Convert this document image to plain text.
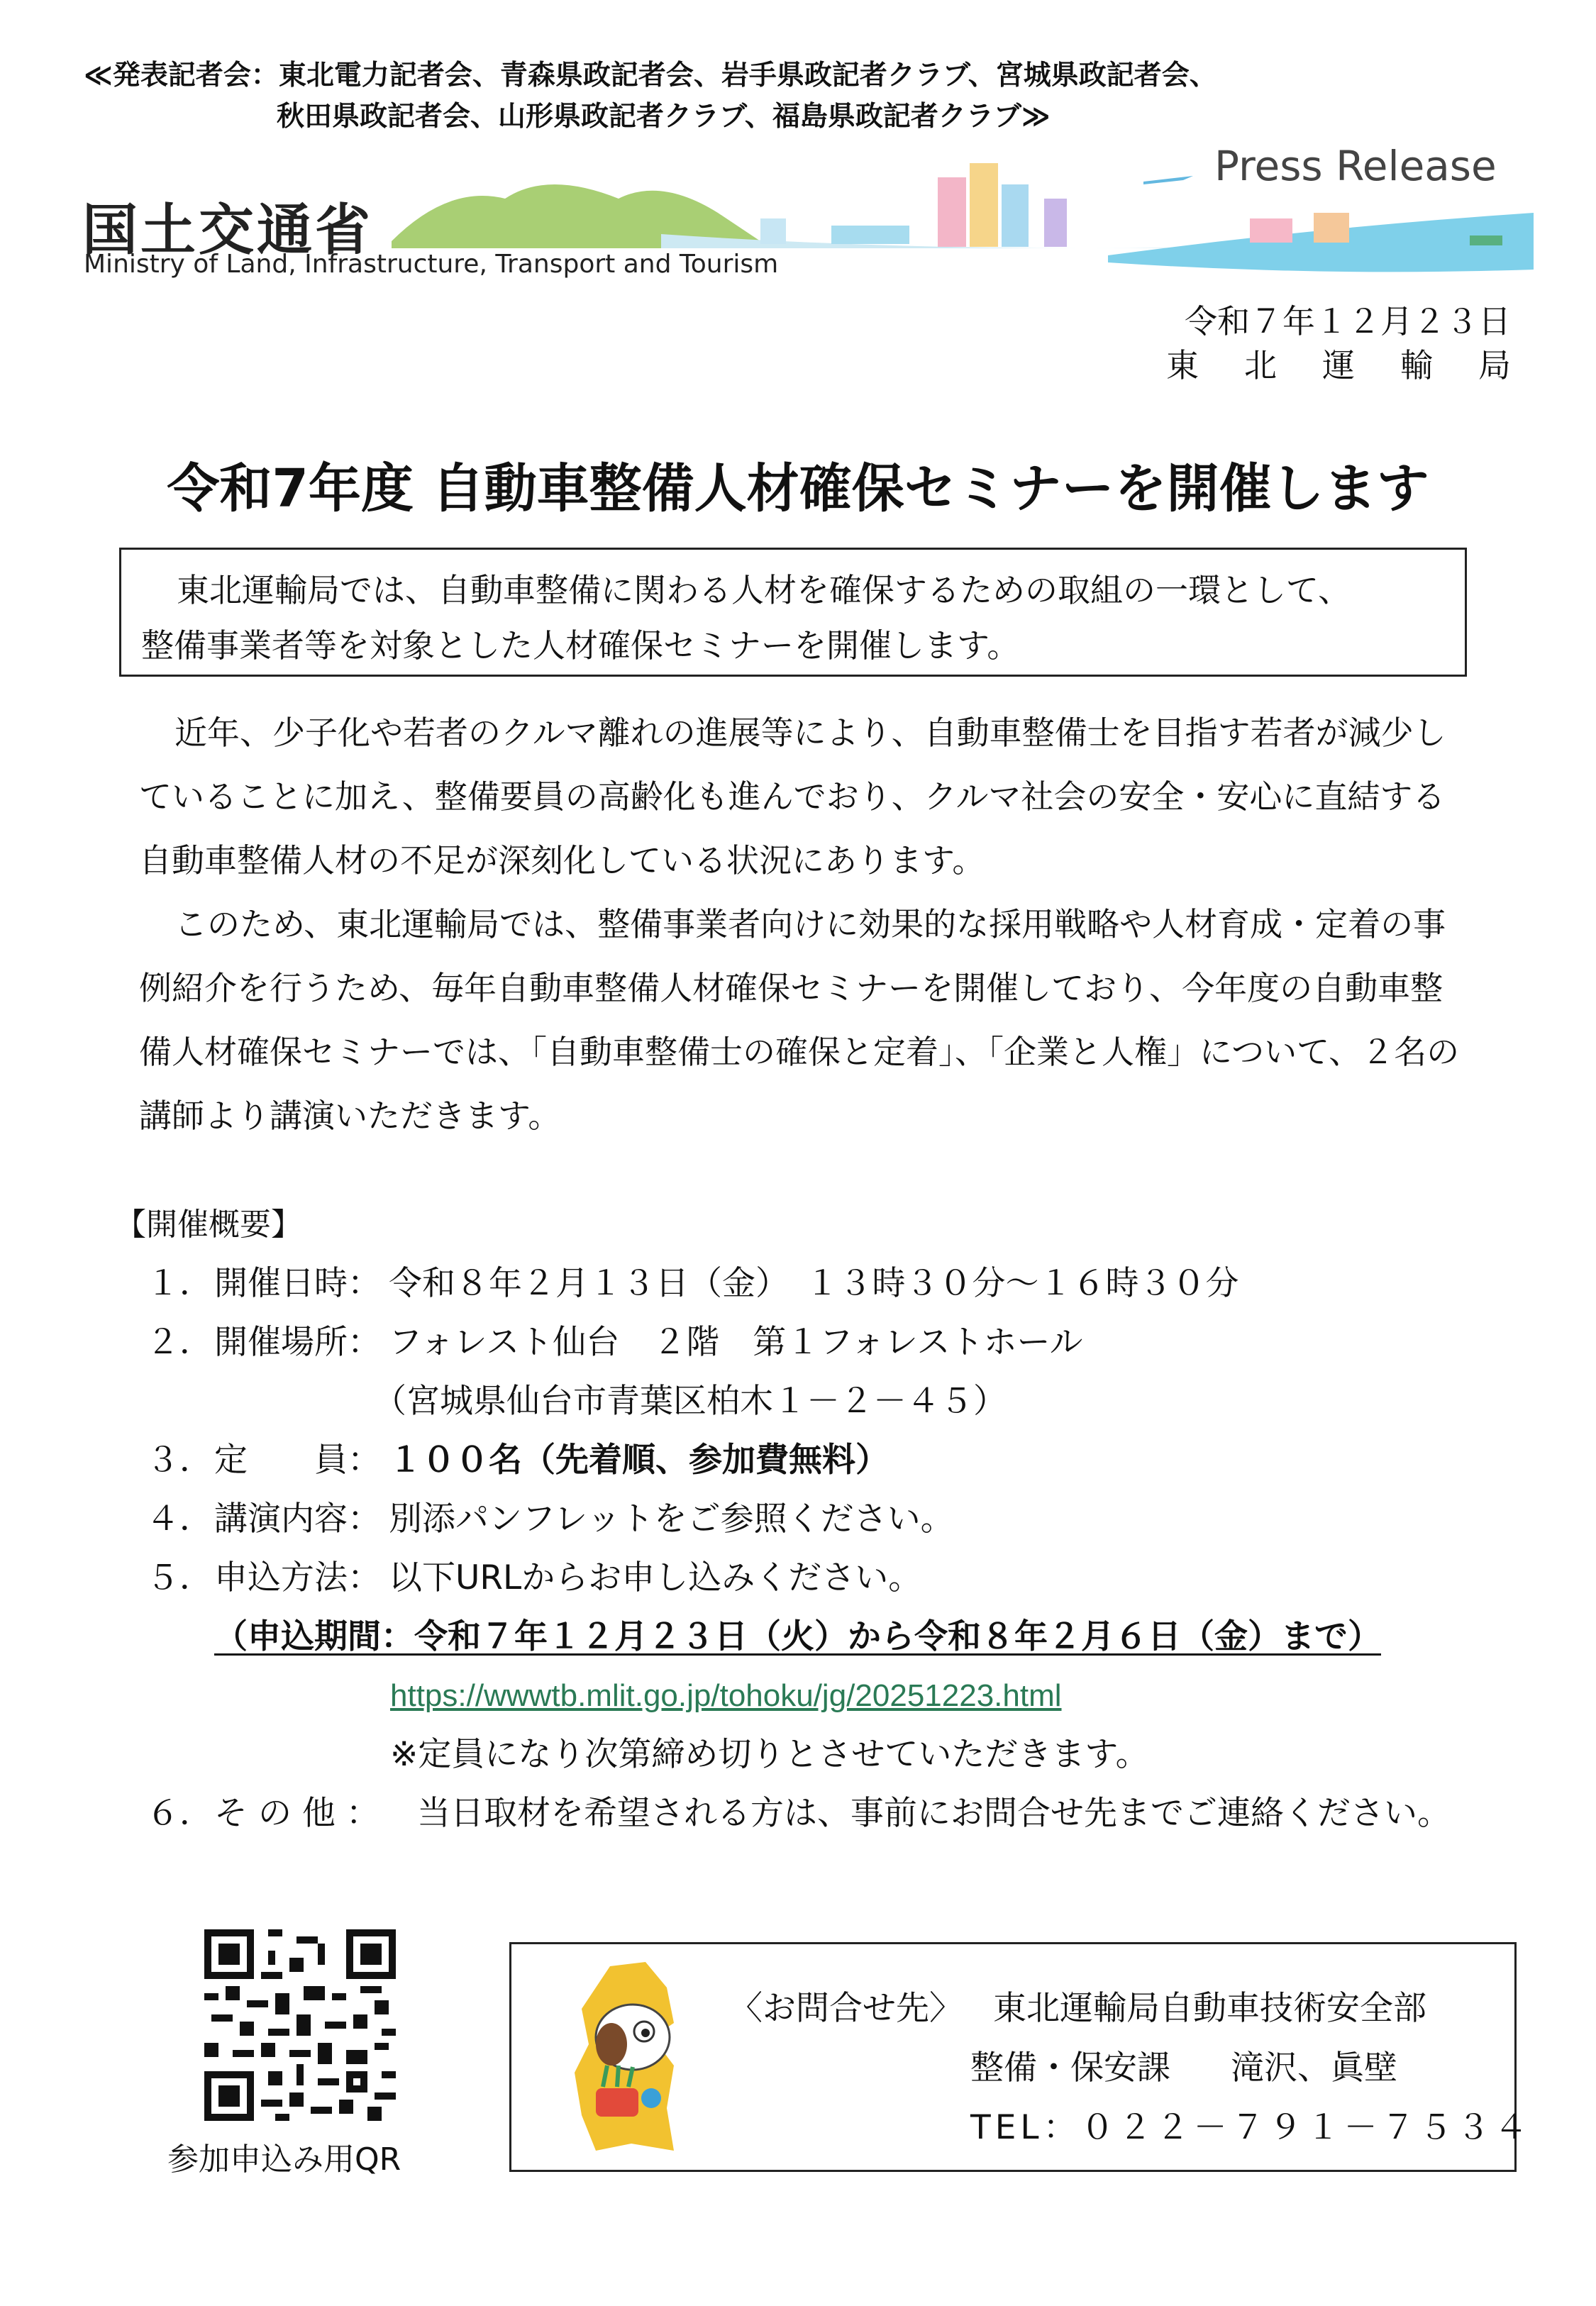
≪発表記者会：東北電力記者会、青森県政記者会、岩手県政記者クラブ、宮城県政記者会、
秋田県政記者会、山形県政記者クラブ、福島県政記者クラブ≫
国土交通省
Ministry of Land, Infrastructure, Transport and Tourism
Press Release
令和７年１２月２３日
東北運輸局
令和7年度 自動車整備人材確保セミナーを開催します
東北運輸局では、自動車整備に関わる人材を確保するための取組の一環として、
整備事業者等を対象とした人材確保セミナーを開催します。

近年、少子化や若者のクルマ離れの進展等により、自動車整備士を目指す若者が減少していることに加え、整備要員の高齢化も進んでおり、クルマ社会の安全・安心に直結する自動車整備人材の不足が深刻化している状況にあります。

このため、東北運輸局では、整備事業者向けに効果的な採用戦略や人材育成・定着の事例紹介を行うため、毎年自動車整備人材確保セミナーを開催しており、今年度の自動車整備人材確保セミナーでは、「自動車整備士の確保と定着」、「企業と人権」について、２名の講師より講演いただきます。

【開催概要】
１． 開催日時： 令和８年２月１３日（金）　１３時３０分～１６時３０分
２． 開催場所： フォレスト仙台　２階　第１フォレストホール
（宮城県仙台市青葉区柏木１－２－４５）
３． 定　　員： １００名（先着順、参加費無料）
４． 講演内容： 別添パンフレットをご参照ください。
５． 申込方法： 以下URLからお申し込みください。
（申込期間：令和７年１２月２３日（火）から令和８年２月６日（金）まで）
https://wwwtb.mlit.go.jp/tohoku/jg/20251223.html
※定員になり次第締め切りとさせていただきます。
６． そ の 他 ：	当日取材を希望される方は、事前にお問合せ先までご連絡ください。
参加申込み用QR
〈お問合せ先〉 東北運輸局自動車技術安全部
整備・保安課 滝沢、眞壁
TEL：０２２－７９１－７５３４
